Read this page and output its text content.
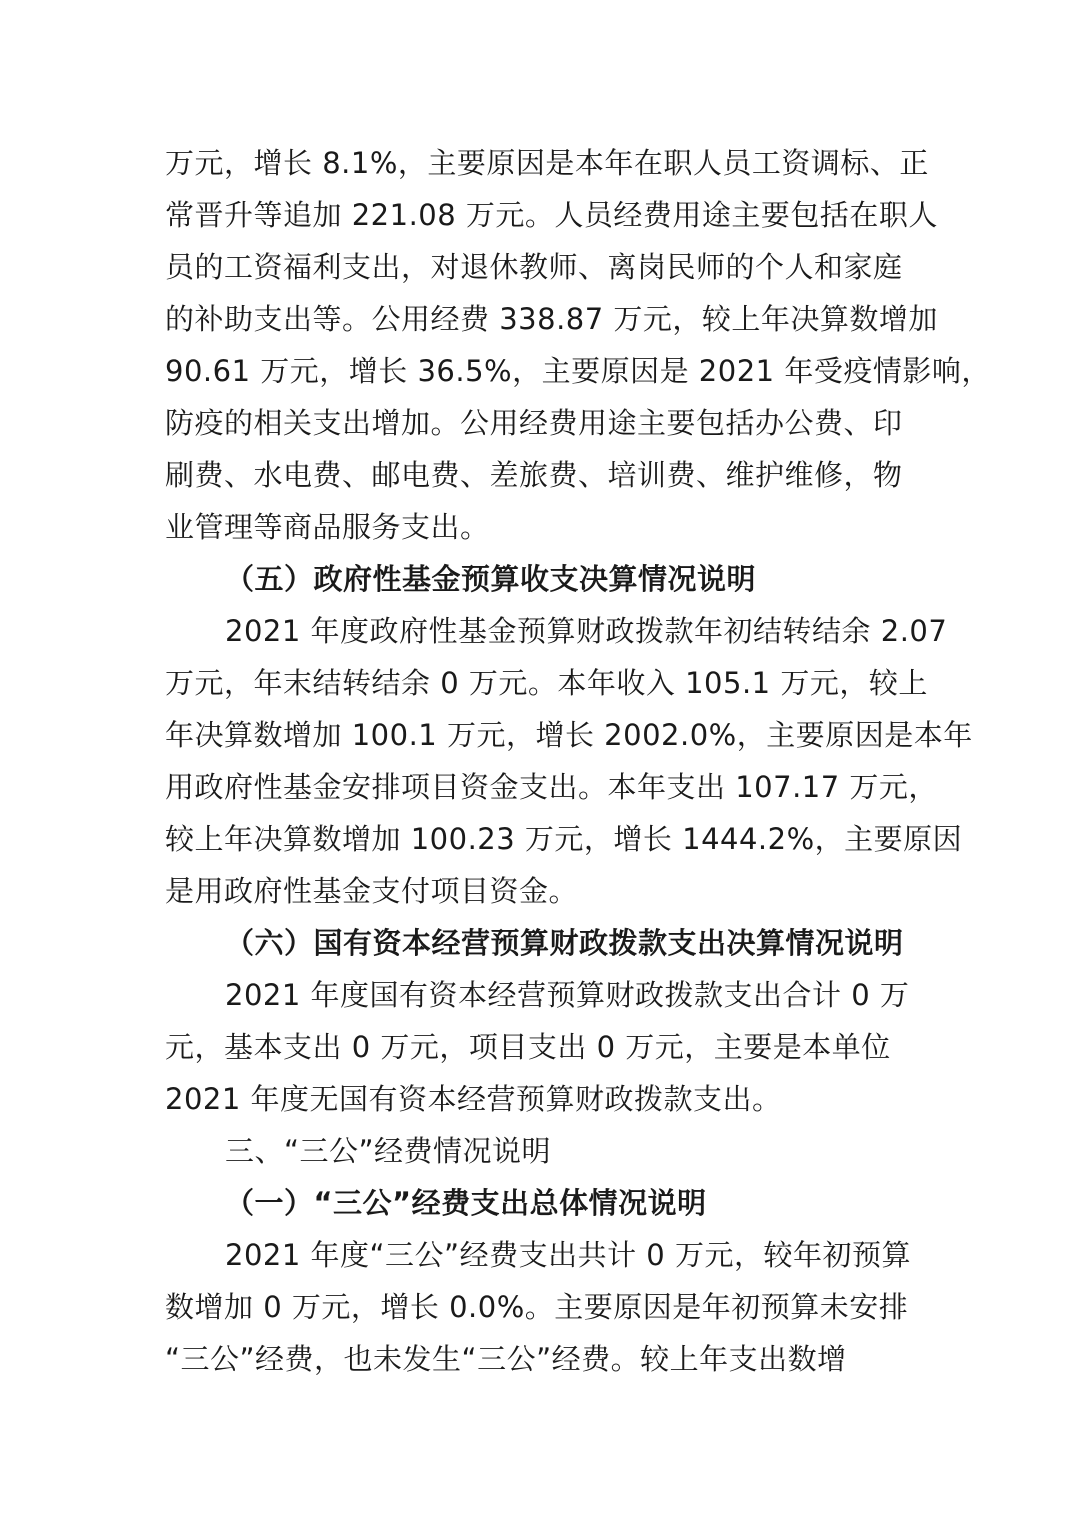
万元，增长 8.1%，主要原因是本年在职人员工资调标、正
常晋升等追加 221.08 万元。人员经费用途主要包括在职人
员的工资福利支出，对退休教师、离岗民师的个人和家庭
的补助支出等。公用经费 338.87 万元，较上年决算数增加
90.61 万元，增长 36.5%，主要原因是 2021 年受疫情影响，
防疫的相关支出增加。公用经费用途主要包括办公费、印
刷费、水电费、邮电费、差旅费、培训费、维护维修，物
业管理等商品服务支出。
（五）政府性基金预算收支决算情况说明
2021 年度政府性基金预算财政拨款年初结转结余 2.07
万元，年末结转结余 0 万元。本年收入 105.1 万元，较上
年决算数增加 100.1 万元，增长 2002.0%，主要原因是本年
用政府性基金安排项目资金支出。本年支出 107.17 万元，
较上年决算数增加 100.23 万元，增长 1444.2%，主要原因
是用政府性基金支付项目资金。
（六）国有资本经营预算财政拨款支出决算情况说明
2021 年度国有资本经营预算财政拨款支出合计 0 万
元，基本支出 0 万元，项目支出 0 万元，主要是本单位
2021 年度无国有资本经营预算财政拨款支出。
三、“三公”经费情况说明
（一）“三公”经费支出总体情况说明
2021 年度“三公”经费支出共计 0 万元，较年初预算
数增加 0 万元，增长 0.0%。主要原因是年初预算未安排
“三公”经费，也未发生“三公”经费。较上年支出数增
